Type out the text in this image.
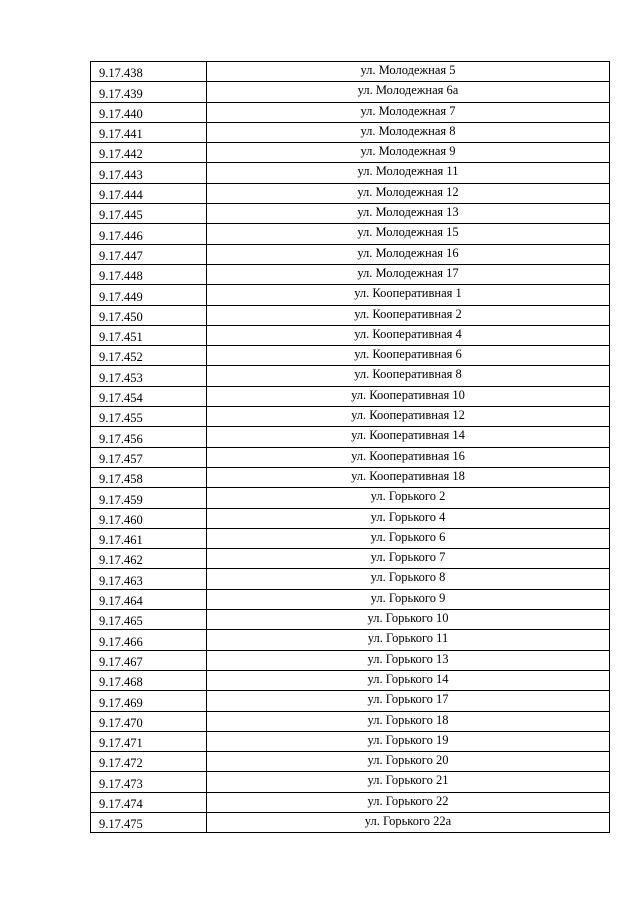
9.17.438	ул. Молодежная 5
9.17.439	ул. Молодежная 6а
9.17.440	ул. Молодежная 7
9.17.441	ул. Молодежная 8
9.17.442	ул. Молодежная 9
9.17.443	ул. Молодежная 11
9.17.444	ул. Молодежная 12
9.17.445	ул. Молодежная 13
9.17.446	ул. Молодежная 15
9.17.447	ул. Молодежная 16
9.17.448	ул. Молодежная 17
9.17.449	ул. Кооперативная 1
9.17.450	ул. Кооперативная 2
9.17.451	ул. Кооперативная 4
9.17.452	ул. Кооперативная 6
9.17.453	ул. Кооперативная 8
9.17.454	ул. Кооперативная 10
9.17.455	ул. Кооперативная 12
9.17.456	ул. Кооперативная 14
9.17.457	ул. Кооперативная 16
9.17.458	ул. Кооперативная 18
9.17.459	ул. Горького 2
9.17.460	ул. Горького 4
9.17.461	ул. Горького 6
9.17.462	ул. Горького 7
9.17.463	ул. Горького 8
9.17.464	ул. Горького 9
9.17.465	ул. Горького 10
9.17.466	ул. Горького 11
9.17.467	ул. Горького 13
9.17.468	ул. Горького 14
9.17.469	ул. Горького 17
9.17.470	ул. Горького 18
9.17.471	ул. Горького 19
9.17.472	ул. Горького 20
9.17.473	ул. Горького 21
9.17.474	ул. Горького 22
9.17.475	ул. Горького 22а
